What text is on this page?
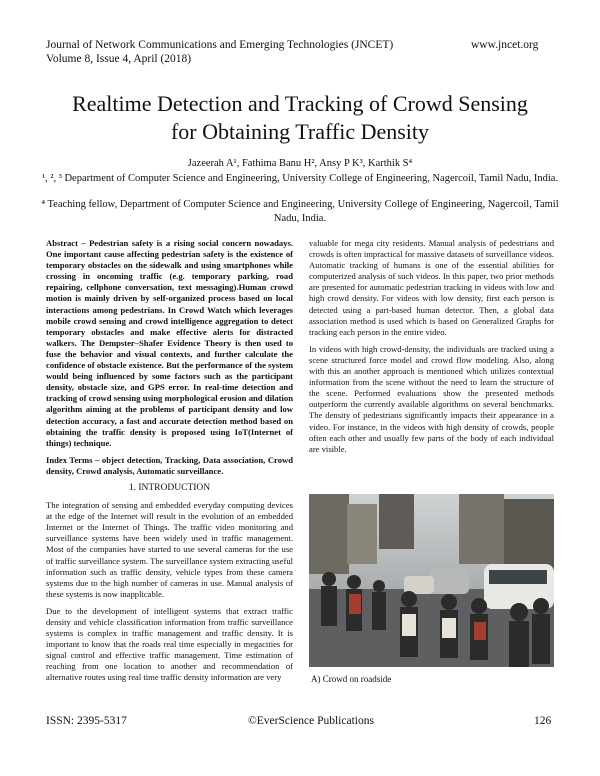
Journal of Network Communications and Emerging Technologies (JNCET)
Volume 8, Issue 4, April (2018)
www.jncet.org
Realtime Detection and Tracking of Crowd Sensing
for Obtaining Traffic Density
Jazeerah A¹, Fathima Banu H², Ansy P K³, Karthik S⁴
¹, ², ³ Department of Computer Science and Engineering, University College of Engineering, Nagercoil, Tamil Nadu, India.
⁴ Teaching fellow, Department of Computer Science and Engineering, University College of Engineering, Nagercoil, Tamil Nadu, India.

Abstract – Pedestrian safety is a rising social concern nowadays. One important cause affecting pedestrian safety is the existence of temporary obstacles on the sidewalk and using smartphones while crossing in oncoming traffic (e.g. temporary parking, road repairing, cellphone conversation, text messaging).Human crowd motion is mainly driven by self-organized process based on local interactions among pedestrians. In Crowd Watch which leverages mobile crowd sensing and crowd intelligence aggregation to detect temporary obstacles and make effective alerts for distracted walkers. The Dempster–Shafer Evidence Theory is then used to fuse the behavior and visual contexts, and further calculate the confidence of obstacle existence. But the performance of the system would being influenced by some factors such as the participant density, obstacle size, and GPS error. In real-time detection and tracking of crowd sensing using morphological erosion and dilation algorithm aiming at the problems of participant density and low detection accuracy, a fast and accurate detection method based on obtaining the traffic density is proposed using IoT(Internet of things) technique.

Index Terms – object detection, Tracking, Data association, Crowd density, Crowd analysis, Automatic surveillance.

1. INTRODUCTION

The integration of sensing and embedded everyday computing devices at the edge of the Internet will result in the evolution of an embedded Internet or the Internet of Things. The traffic video monitoring and surveillance systems have been widely used in traffic management. Most of the companies have started to use several cameras for the use of traffic surveillance system. The surveillance system extracting useful information such as traffic density, vehicle types from these camera systems due to the high number of cameras in use. Manual analysis of these systems is now inapplicable.

Due to the development of intelligent systems that extract traffic density and vehicle classification information from traffic surveillance systems is complex in traffic management and traffic density. It is important to know that the roads real time especially in megacities for signal control and effective traffic management. Time estimation of reaching from one location to another and recommendation of alternative routes using real time traffic density information are very

valuable for mega city residents. Manual analysis of pedestrians and crowds is often impractical for massive datasets of surveillance videos. Automatic tracking of humans is one of the essential abilities for computerized analysis of such videos. In this paper, two prior methods are presented for automatic pedestrian tracking in videos with low and high crowd density. For videos with low density, first each person is detected using a part-based human detector. Then, a global data association method is used which is based on Generalized Graphs for tracking each person in the entire video.

In videos with high crowd-density, the individuals are tracked using a scene structured force model and crowd flow modeling. Also, along with this an another approach is mentioned which utilizes contextual information from the scene without the need to learn the structure of the scene. Performed evaluations show the presented methods outperform the currently available algorithms on several benchmarks. The density of pedestrians significantly impacts their appearance in a video. For instance, in the videos with high density of crowds, people often each other and usually few parts of the body of each individual are visible.

A) Crowd on roadside
ISSN: 2395-5317	©EverScience Publications	126
